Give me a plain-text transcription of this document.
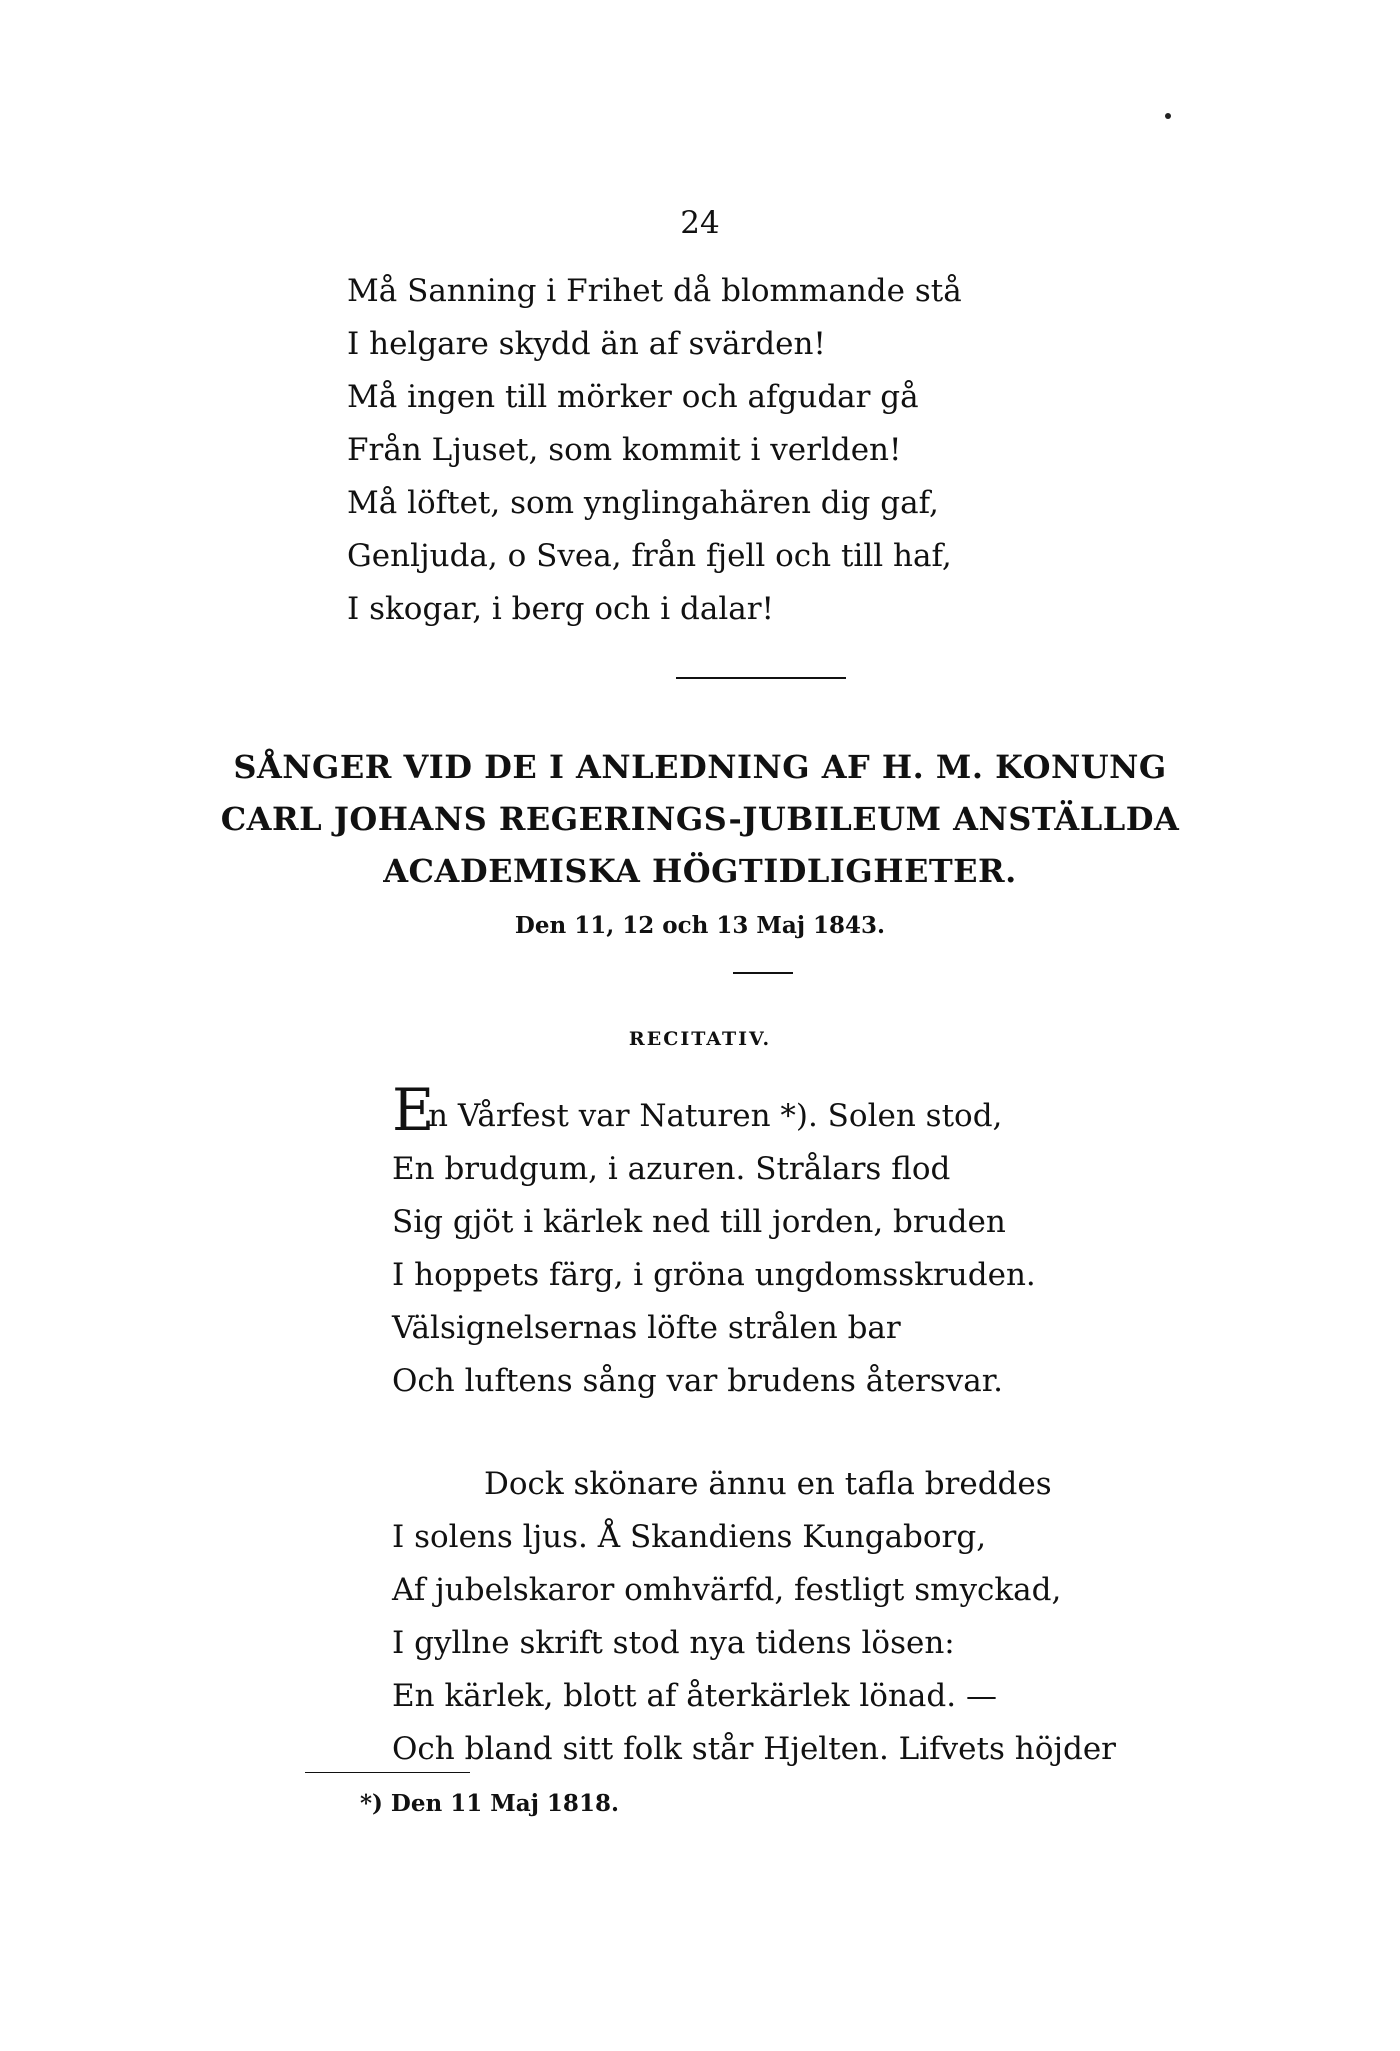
24
Må Sanning i Frihet då blommande stå
I helgare skydd än af svärden!
Må ingen till mörker och afgudar gå
Från Ljuset, som kommit i verlden!
Må löftet, som ynglingahären dig gaf,
Genljuda, o Svea, från fjell och till haf,
I skogar, i berg och i dalar!
SÅNGER VID DE I ANLEDNING AF H. M. KONUNG
CARL JOHANS REGERINGS-JUBILEUM ANSTÄLLDA
ACADEMISKA HÖGTIDLIGHETER.
Den 11, 12 och 13 Maj 1843.
RECITATIV.
E
n Vårfest var Naturen *). Solen stod,
En brudgum, i azuren. Strålars flod
Sig gjöt i kärlek ned till jorden, bruden
I hoppets färg, i gröna ungdomsskruden.
Välsignelsernas löfte strålen bar
Och luftens sång var brudens återsvar.
Dock skönare ännu en tafla breddes
I solens ljus. Å Skandiens Kungaborg,
Af jubelskaror omhvärfd, festligt smyckad,
I gyllne skrift stod nya tidens lösen:
En kärlek, blott af återkärlek lönad. —
Och bland sitt folk står Hjelten. Lifvets höjder
*) Den 11 Maj 1818.
